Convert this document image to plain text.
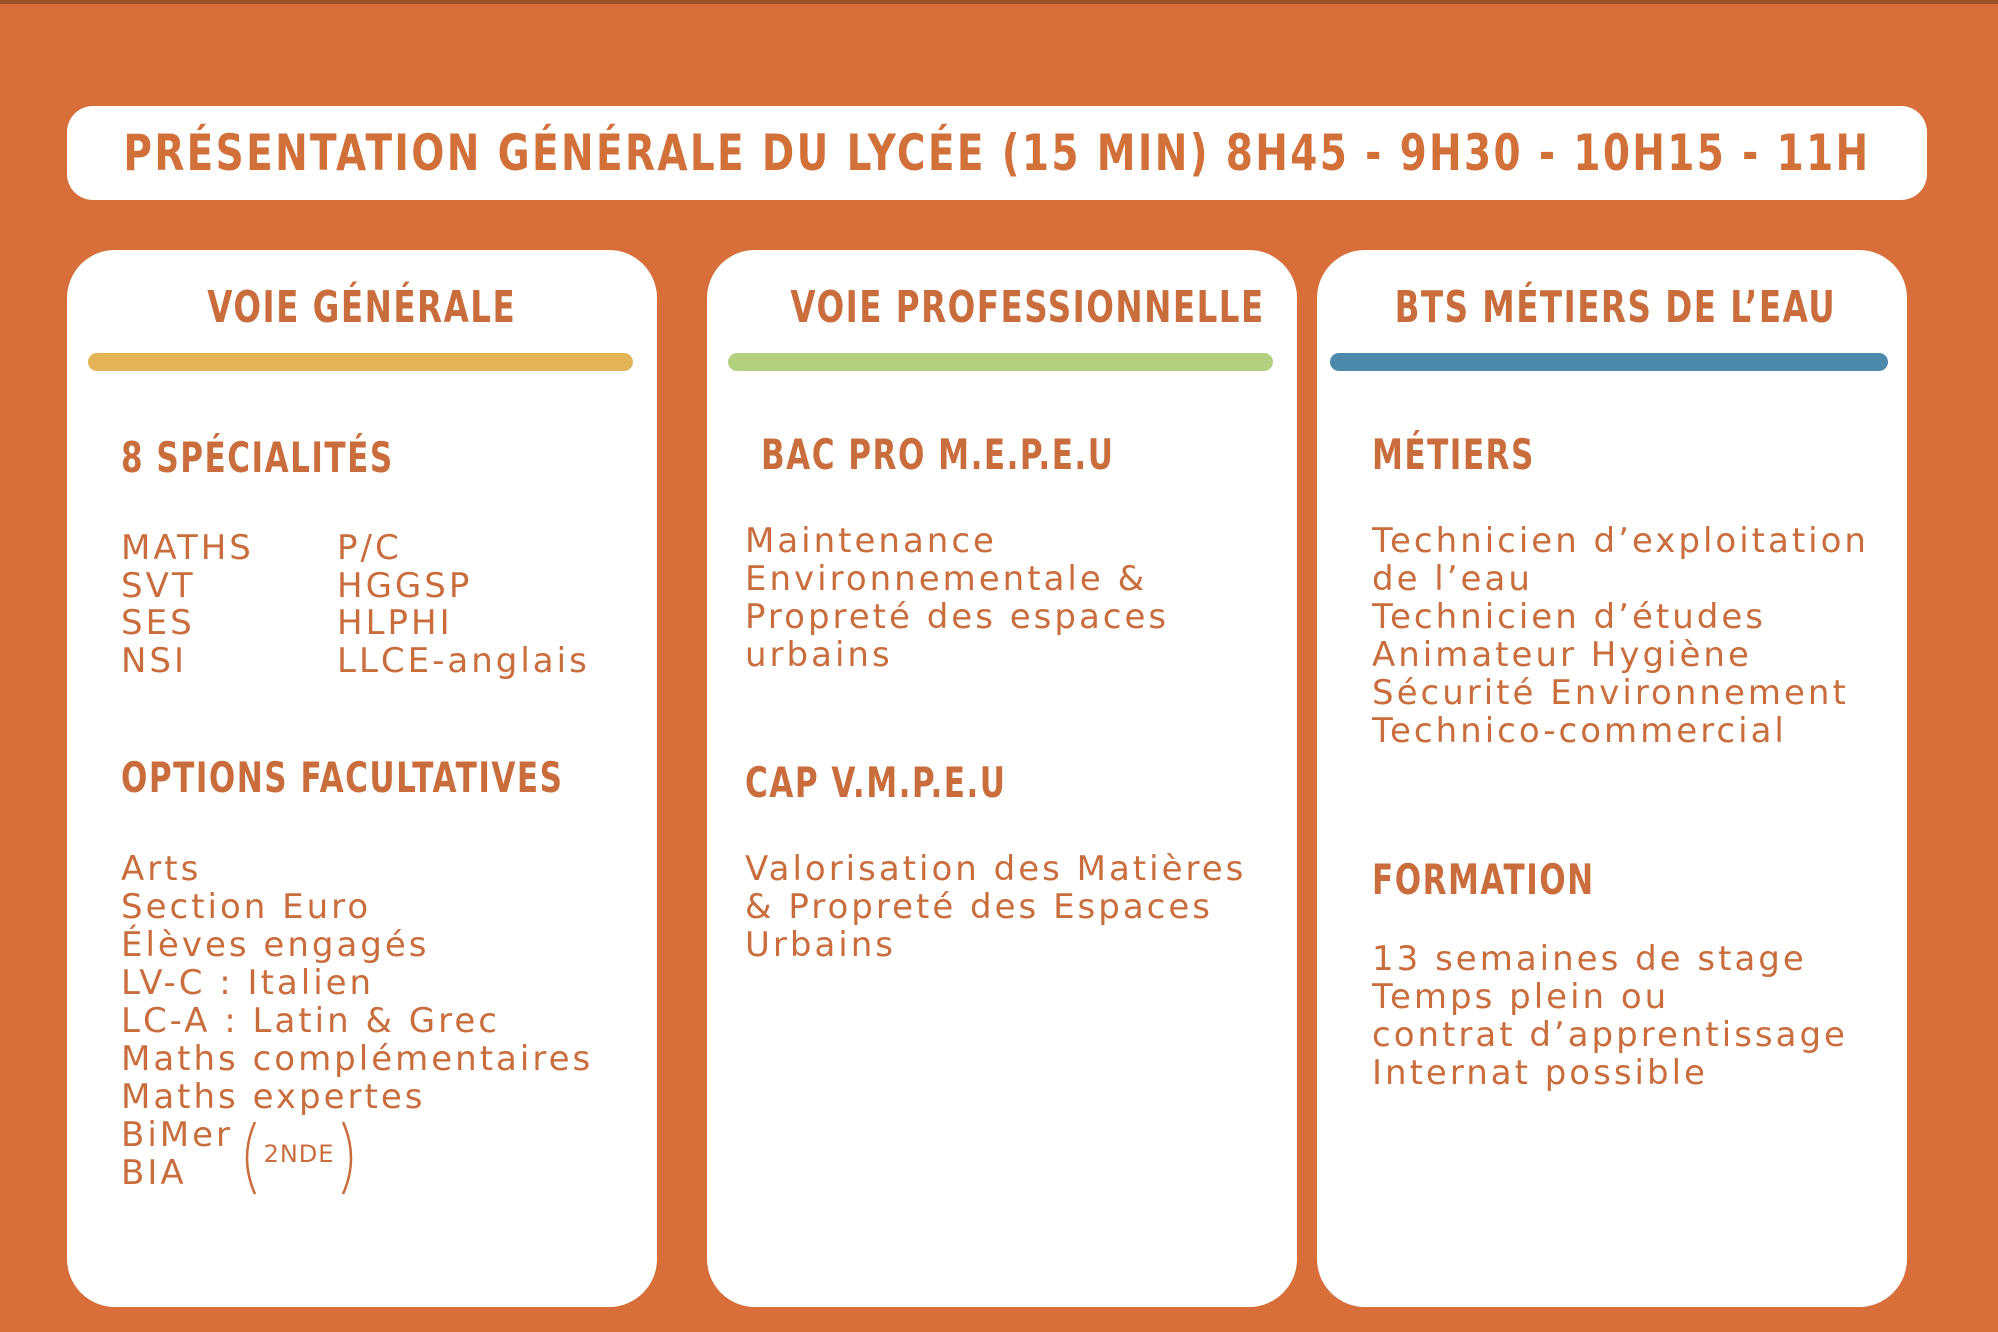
PRÉSENTATION GÉNÉRALE DU LYCÉE (15 MIN) 8H45 - 9H30 - 10H15 - 11H
VOIE GÉNÉRALE
8 SPÉCIALITÉS
MATHS
SVT
SES
NSI
P/C
HGGSP
HLPHI
LLCE-anglais
OPTIONS FACULTATIVES
Arts
Section Euro
Élèves engagés
LV-C : Italien
LC-A : Latin & Grec
Maths complémentaires
Maths expertes
BiMer
BIA	2NDE
VOIE PROFESSIONNELLE
BAC PRO M.E.P.E.U
Maintenance
Environnementale &
Propreté des espaces
urbains
CAP V.M.P.E.U
Valorisation des Matières
& Propreté des Espaces
Urbains
BTS MÉTIERS DE L’EAU
MÉTIERS
Technicien d’exploitation
de l’eau
Technicien d’études
Animateur Hygiène
Sécurité Environnement
Technico-commercial
FORMATION
13 semaines de stage
Temps plein ou
contrat d’apprentissage
Internat possible
